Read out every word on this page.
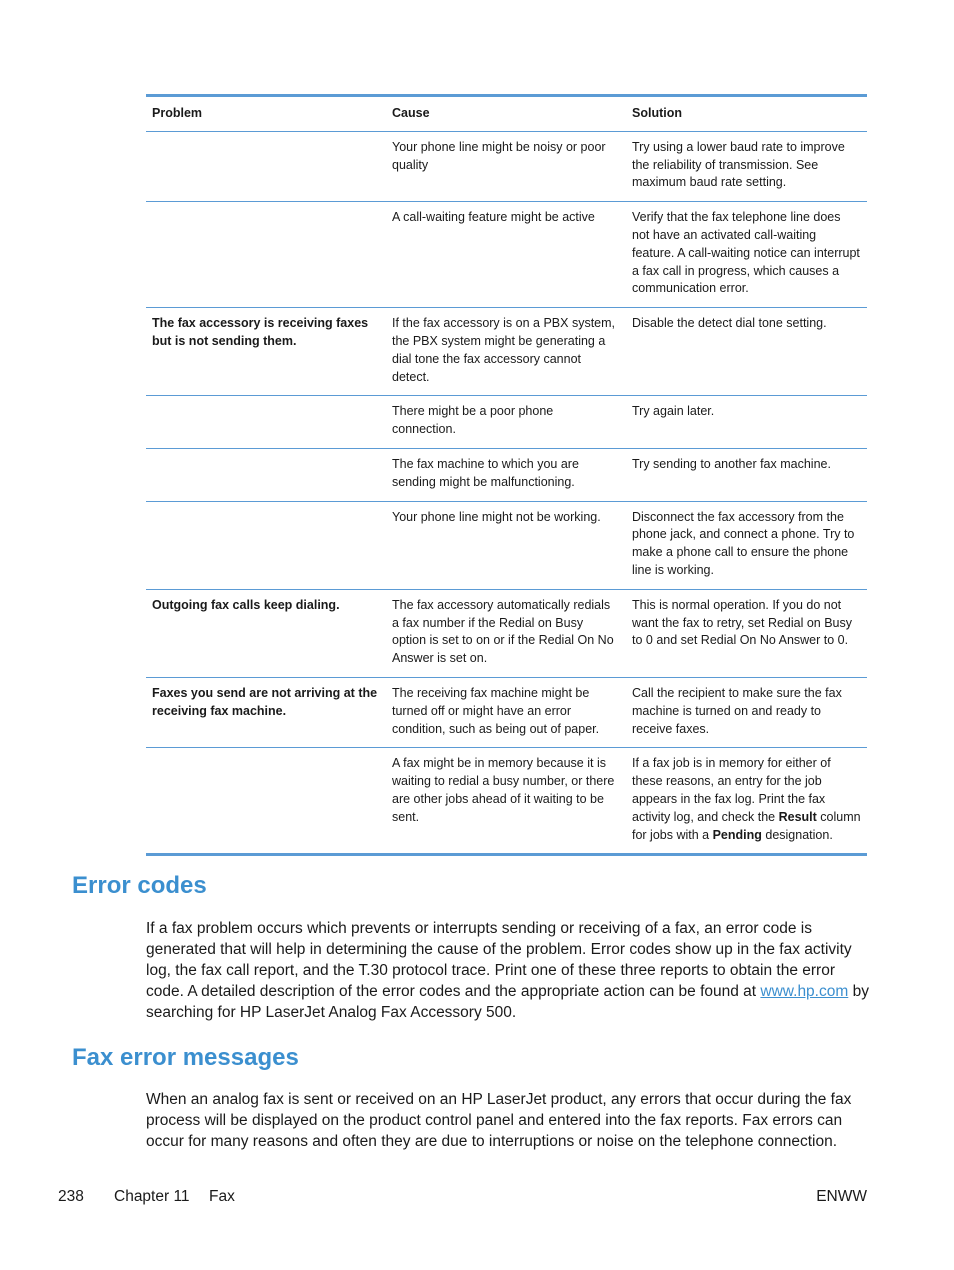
Problem	Cause	Solution
	Your phone line might be noisy or poor quality	Try using a lower baud rate to improve the reliability of transmission. See maximum baud rate setting.
	A call-waiting feature might be active	Verify that the fax telephone line does not have an activated call-waiting feature. A call-waiting notice can interrupt a fax call in progress, which causes a communication error.
The fax accessory is receiving faxes but is not sending them.	If the fax accessory is on a PBX system, the PBX system might be generating a dial tone the fax accessory cannot detect.	Disable the detect dial tone setting.
	There might be a poor phone connection.	Try again later.
	The fax machine to which you are sending might be malfunctioning.	Try sending to another fax machine.
	Your phone line might not be working.	Disconnect the fax accessory from the phone jack, and connect a phone. Try to make a phone call to ensure the phone line is working.
Outgoing fax calls keep dialing.	The fax accessory automatically redials a fax number if the Redial on Busy option is set to on or if the Redial On No Answer is set on.	This is normal operation. If you do not want the fax to retry, set Redial on Busy to 0 and set Redial On No Answer to 0.
Faxes you send are not arriving at the receiving fax machine.	The receiving fax machine might be turned off or might have an error condition, such as being out of paper.	Call the recipient to make sure the fax machine is turned on and ready to receive faxes.
	A fax might be in memory because it is waiting to redial a busy number, or there are other jobs ahead of it waiting to be sent.	If a fax job is in memory for either of these reasons, an entry for the job appears in the fax log. Print the fax activity log, and check the Result column for jobs with a Pending designation.
Error codes

If a fax problem occurs which prevents or interrupts sending or receiving of a fax, an error code is generated that will help in determining the cause of the problem. Error codes show up in the fax activity log, the fax call report, and the T.30 protocol trace. Print one of these three reports to obtain the error code. A detailed description of the error codes and the appropriate action can be found at www.hp.com by searching for HP LaserJet Analog Fax Accessory 500.

Fax error messages

When an analog fax is sent or received on an HP LaserJet product, any errors that occur during the fax process will be displayed on the product control panel and entered into the fax reports. Fax errors can occur for many reasons and often they are due to interruptions or noise on the telephone connection.

238 Chapter 11 Fax	ENWW
